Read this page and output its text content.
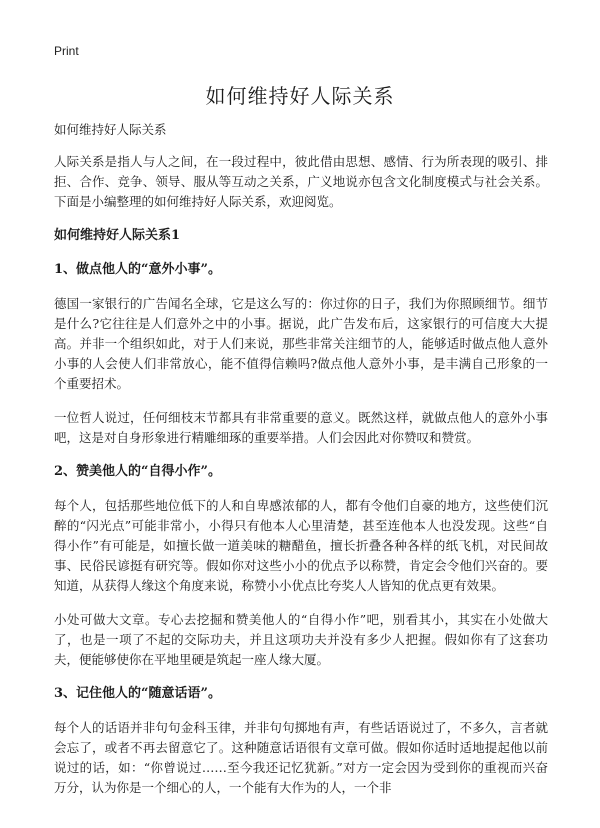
Print
如何维持好人际关系

如何维持好人际关系

人际关系是指人与人之间，在一段过程中，彼此借由思想、感情、行为所表现的吸引、排拒、合作、竞争、领导、服从等互动之关系，广义地说亦包含文化制度模式与社会关系。下面是小编整理的如何维持好人际关系，欢迎阅览。

如何维持好人际关系1
1、做点他人的“意外小事”。

德国一家银行的广告闻名全球，它是这么写的：你过你的日子，我们为你照顾细节。细节是什么?它往往是人们意外之中的小事。据说，此广告发布后，这家银行的可信度大大提高。并非一个组织如此，对于人们来说，那些非常关注细节的人，能够适时做点他人意外小事的人会使人们非常放心，能不值得信赖吗?做点他人意外小事，是丰满自己形象的一个重要招术。

一位哲人说过，任何细枝末节都具有非常重要的意义。既然这样，就做点他人的意外小事吧，这是对自身形象进行精雕细琢的重要举措。人们会因此对你赞叹和赞赏。

2、赞美他人的“自得小作”。

每个人，包括那些地位低下的人和自卑感浓郁的人，都有令他们自豪的地方，这些使们沉醉的“闪光点”可能非常小，小得只有他本人心里清楚，甚至连他本人也没发现。这些“自得小作”有可能是，如擅长做一道美味的糖醋鱼，擅长折叠各种各样的纸飞机，对民间故事、民俗民谚挺有研究等。假如你对这些小小的优点予以称赞，肯定会令他们兴奋的。要知道，从获得人缘这个角度来说，称赞小小优点比夸奖人人皆知的优点更有效果。

小处可做大文章。专心去挖掘和赞美他人的“自得小作”吧，别看其小，其实在小处做大了，也是一项了不起的交际功夫，并且这项功夫并没有多少人把握。假如你有了这套功夫，便能够使你在平地里硬是筑起一座人缘大厦。

3、记住他人的“随意话语”。

每个人的话语并非句句金科玉律，并非句句掷地有声，有些话语说过了，不多久，言者就会忘了，或者不再去留意它了。这种随意话语很有文章可做。假如你适时适地提起他以前说过的话，如：“你曾说过……至今我还记忆犹新。”对方一定会因为受到你的重视而兴奋万分，认为你是一个细心的人，一个能有大作为的人，一个非
